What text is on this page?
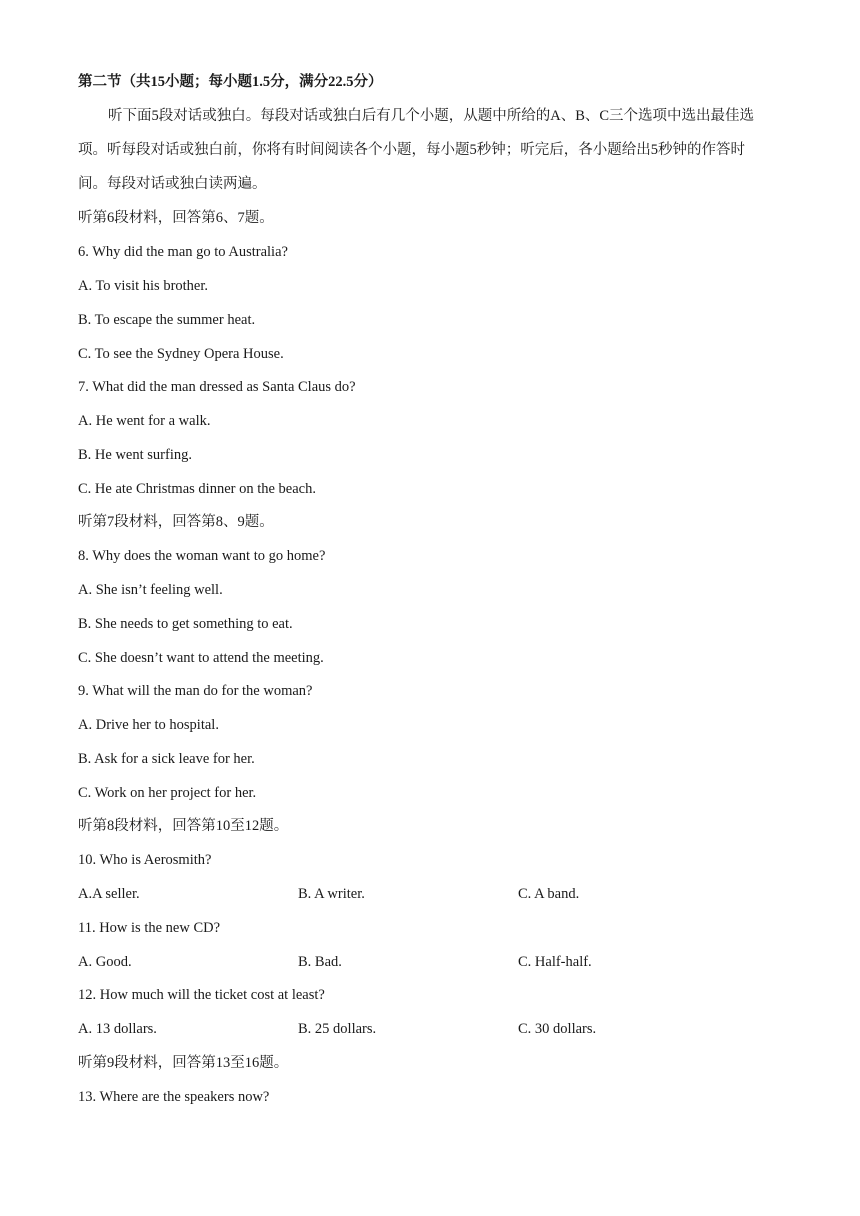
第二节（共15小题；每小题1.5分，满分22.5分）
听下面5段对话或独白。每段对话或独白后有几个小题，从题中所给的A、B、C三个选项中选出最佳选
项。听每段对话或独白前，你将有时间阅读各个小题，每小题5秒钟；听完后，各小题给出5秒钟的作答时
间。每段对话或独白读两遍。
听第6段材料，回答第6、7题。
6. Why did the man go to Australia?
A. To visit his brother.
B. To escape the summer heat.
C. To see the Sydney Opera House.
7. What did the man dressed as Santa Claus do?
A. He went for a walk.
B. He went surfing.
C. He ate Christmas dinner on the beach.
听第7段材料，回答第8、9题。
8. Why does the woman want to go home?
A. She isn’t feeling well.
B. She needs to get something to eat.
C. She doesn’t want to attend the meeting.
9. What will the man do for the woman?
A. Drive her to hospital.
B. Ask for a sick leave for her.
C. Work on her project for her.
听第8段材料，回答第10至12题。
10. Who is Aerosmith?
A.A seller.	B. A writer.	C. A band.
11. How is the new CD?
A. Good.	B. Bad.	C. Half-half.
12. How much will the ticket cost at least?
A. 13 dollars.	B. 25 dollars.	C. 30 dollars.
听第9段材料，回答第13至16题。
13. Where are the speakers now?
